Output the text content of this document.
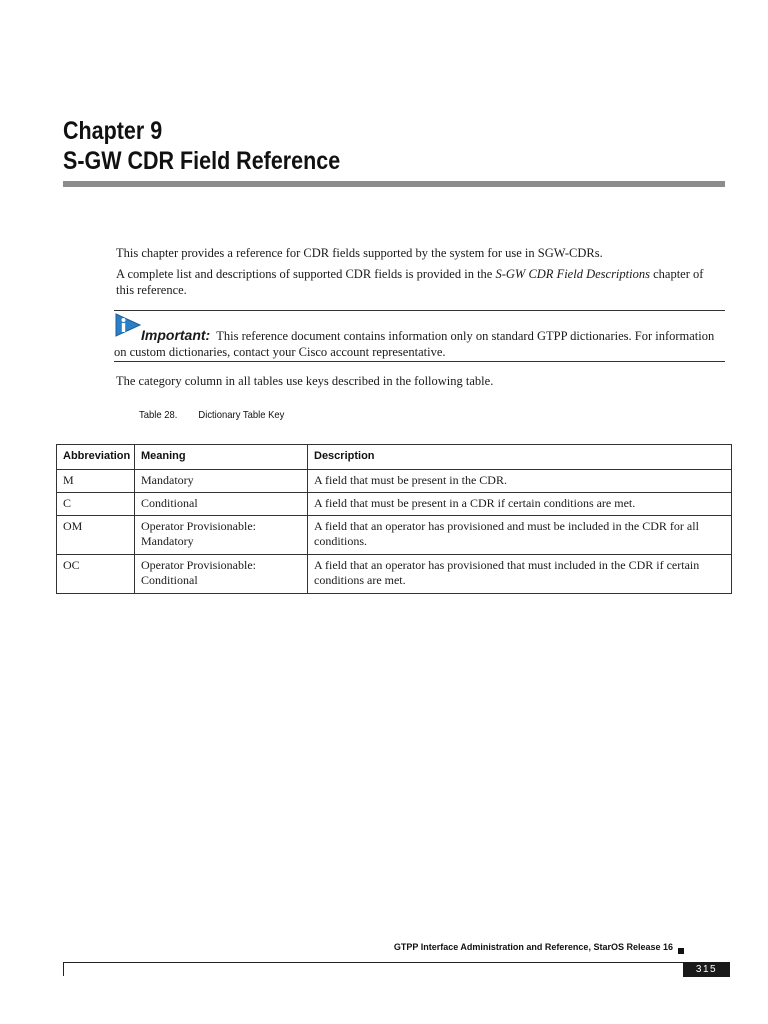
Chapter 9
S-GW CDR Field Reference

This chapter provides a reference for CDR fields supported by the system for use in SGW-CDRs.

A complete list and descriptions of supported CDR fields is provided in the S-GW CDR Field Descriptions chapter of this reference.

Important: This reference document contains information only on standard GTPP dictionaries. For information on custom dictionaries, contact your Cisco account representative.

The category column in all tables use keys described in the following table.

Table 28. Dictionary Table Key

Abbreviation	Meaning	Description
M	Mandatory	A field that must be present in the CDR.
C	Conditional	A field that must be present in a CDR if certain conditions are met.
OM	Operator Provisionable: Mandatory	A field that an operator has provisioned and must be included in the CDR for all conditions.
OC	Operator Provisionable: Conditional	A field that an operator has provisioned that must included in the CDR if certain conditions are met.

GTPP Interface Administration and Reference, StarOS Release 16

315
